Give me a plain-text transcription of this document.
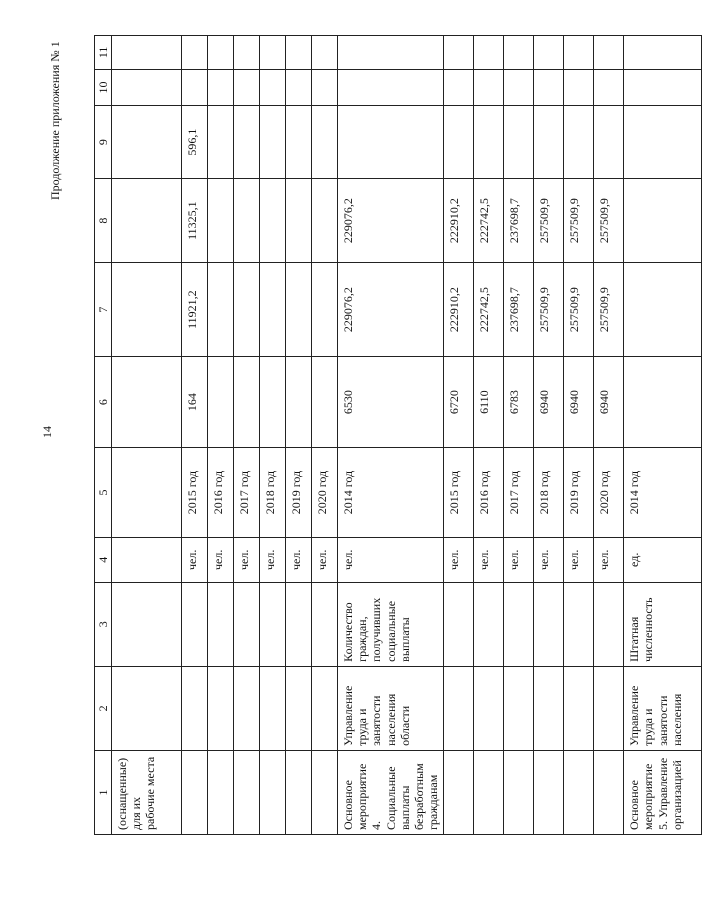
14
Продолжение приложения № 1
1	2	3	4	5	6	7	8	9	10	11
(оснащенные) для их рабочие места										
			чел.	2015 год	164	11921,2	11325,1	596,1		
			чел.	2016 год						
			чел.	2017 год						
			чел.	2018 год						
			чел.	2019 год						
			чел.	2020 год						
Основное мероприятие 4. Социальные выплаты безработным гражданам	Управление труда и занятости населения области	Количество граждан, получивших социальные выплаты	чел.	2014 год	6530	229076,2	229076,2			
			чел.	2015 год	6720	222910,2	222910,2			
			чел.	2016 год	6110	222742,5	222742,5			
			чел.	2017 год	6783	237698,7	237698,7			
			чел.	2018 год	6940	257509,9	257509,9			
			чел.	2019 год	6940	257509,9	257509,9			
			чел.	2020 год	6940	257509,9	257509,9			
Основное мероприятие 5. Управление организацией	Управление труда и занятости населения	Штатная численность	ед.	2014 год						
